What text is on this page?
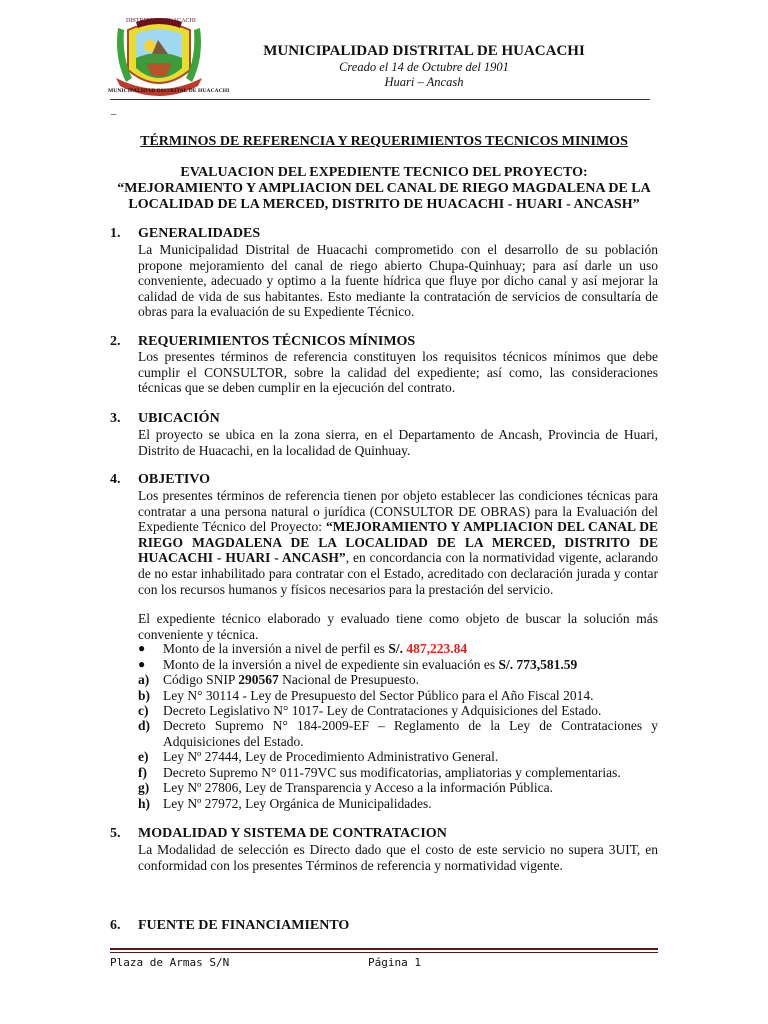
DISTRITO DE HUACACHI
MUNICIPALIDAD DISTRITAL DE HUACACHI
MUNICIPALIDAD DISTRITAL DE HUACACHI
Creado el 14 de Octubre del 1901
Huari – Ancash
_
TÉRMINOS DE REFERENCIA Y REQUERIMIENTOS TECNICOS MINIMOS
EVALUACION DEL EXPEDIENTE TECNICO DEL PROYECTO:
“MEJORAMIENTO Y AMPLIACION DEL CANAL DE RIEGO MAGDALENA DE LA
LOCALIDAD DE LA MERCED, DISTRITO DE HUACACHI - HUARI - ANCASH”
1. GENERALIDADES
La Municipalidad Distrital de Huacachi comprometido con el desarrollo de su población propone mejoramiento del canal de riego abierto Chupa-Quinhuay; para así darle un uso conveniente, adecuado y optimo a la fuente hídrica que fluye por dicho canal y así mejorar la calidad de vida de sus habitantes. Esto mediante la contratación de servicios de consultaría de obras para la evaluación de su Expediente Técnico.
2. REQUERIMIENTOS TÉCNICOS MÍNIMOS
Los presentes términos de referencia constituyen los requisitos técnicos mínimos que debe cumplir el CONSULTOR, sobre la calidad del expediente; así como, las consideraciones técnicas que se deben cumplir en la ejecución del contrato.
3. UBICACIÓN
El proyecto se ubica en la zona sierra, en el Departamento de Ancash, Provincia de Huari, Distrito de Huacachi, en la localidad de Quinhuay.
4. OBJETIVO
Los presentes términos de referencia tienen por objeto establecer las condiciones técnicas para contratar a una persona natural o jurídica (CONSULTOR DE OBRAS) para la Evaluación del Expediente Técnico del Proyecto: “MEJORAMIENTO Y AMPLIACION DEL CANAL DE RIEGO MAGDALENA DE LA LOCALIDAD DE LA MERCED, DISTRITO DE HUACACHI - HUARI - ANCASH”, en concordancia con la normatividad vigente, aclarando de no estar inhabilitado para contratar con el Estado, acreditado con declaración jurada y contar con los recursos humanos y físicos necesarios para la prestación del servicio.
El expediente técnico elaborado y evaluado tiene como objeto de buscar la solución más conveniente y técnica.
● Monto de la inversión a nivel de perfil es S/. 487,223.84
● Monto de la inversión a nivel de expediente sin evaluación es S/. 773,581.59
a) Código SNIP 290567 Nacional de Presupuesto.
b) Ley N° 30114 - Ley de Presupuesto del Sector Público para el Año Fiscal 2014.
c) Decreto Legislativo N° 1017- Ley de Contrataciones y Adquisiciones del Estado.
d) Decreto Supremo N° 184-2009-EF – Reglamento de la Ley de Contrataciones y Adquisiciones del Estado.
e) Ley Nº 27444, Ley de Procedimiento Administrativo General.
f) Decreto Supremo N° 011-79VC sus modificatorias, ampliatorias y complementarias.
g) Ley Nº 27806, Ley de Transparencia y Acceso a la información Pública.
h) Ley Nº 27972, Ley Orgánica de Municipalidades.
5. MODALIDAD Y SISTEMA DE CONTRATACION
La Modalidad de selección es Directo dado que el costo de este servicio no supera 3UIT, en conformidad con los presentes Términos de referencia y normatividad vigente.
6. FUENTE DE FINANCIAMIENTO
Plaza de Armas S/N	Página 1
